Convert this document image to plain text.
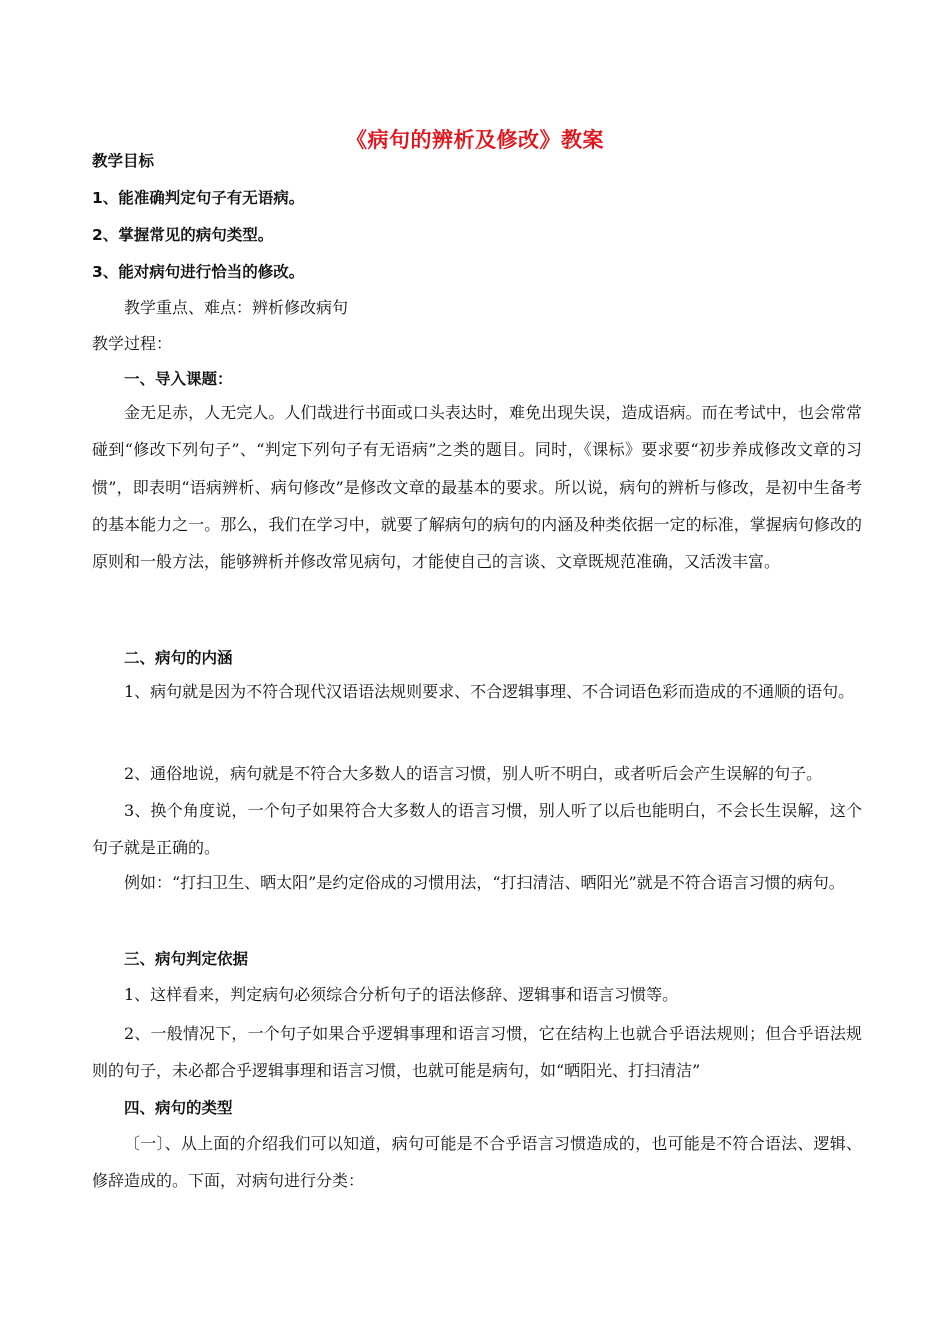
《病句的辨析及修改》教案
教学目标
1、能准确判定句子有无语病。
2、掌握常见的病句类型。
3、能对病句进行恰当的修改。
教学重点、难点：辨析修改病句
教学过程：
一、导入课题：

金无足赤，人无完人。人们哉进行书面或口头表达时，难免出现失误，造成语病。而在考试中，也会常常碰到“修改下列句子”、“判定下列句子有无语病”之类的题目。同时，《课标》要求要“初步养成修改文章的习惯”，即表明“语病辨析、病句修改”是修改文章的最基本的要求。所以说，病句的辨析与修改，是初中生备考的基本能力之一。那么，我们在学习中，就要了解病句的病句的内涵及种类依据一定的标准，掌握病句修改的原则和一般方法，能够辨析并修改常见病句，才能使自己的言谈、文章既规范准确，又活泼丰富。

二、病句的内涵

1、病句就是因为不符合现代汉语语法规则要求、不合逻辑事理、不合词语色彩而造成的不通顺的语句。

2、通俗地说，病句就是不符合大多数人的语言习惯，别人听不明白，或者听后会产生误解的句子。

3、换个角度说，一个句子如果符合大多数人的语言习惯，别人听了以后也能明白，不会长生误解，这个句子就是正确的。

例如：“打扫卫生、晒太阳”是约定俗成的习惯用法，“打扫清洁、晒阳光”就是不符合语言习惯的病句。

三、病句判定依据

1、这样看来，判定病句必须综合分析句子的语法修辞、逻辑事和语言习惯等。

2、一般情况下，一个句子如果合乎逻辑事理和语言习惯，它在结构上也就合乎语法规则；但合乎语法规则的句子，未必都合乎逻辑事理和语言习惯，也就可能是病句，如“晒阳光、打扫清洁”

四、病句的类型

〔一〕、从上面的介绍我们可以知道，病句可能是不合乎语言习惯造成的，也可能是不符合语法、逻辑、修辞造成的。下面，对病句进行分类：
